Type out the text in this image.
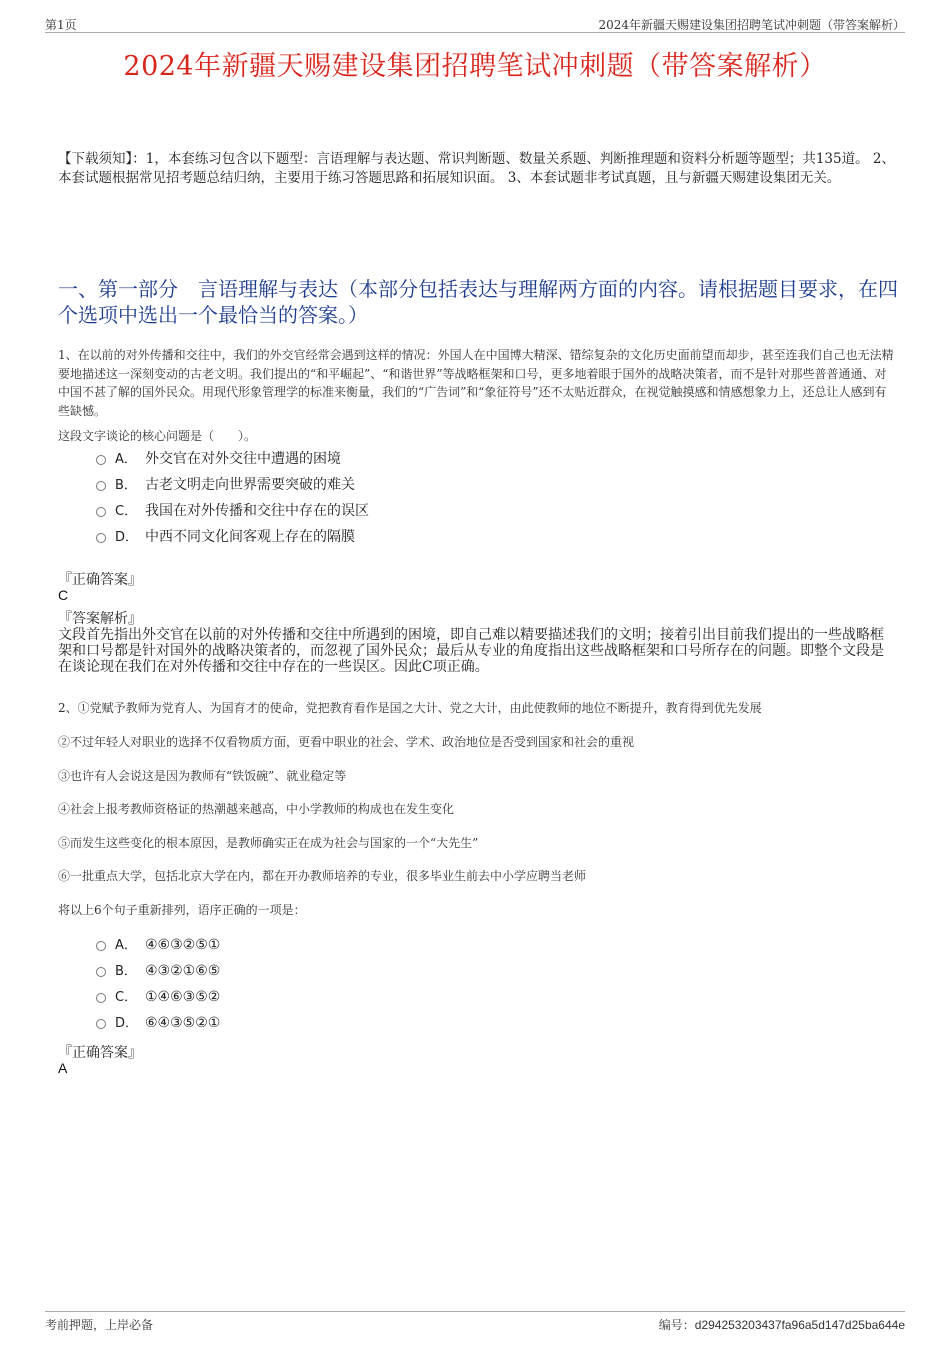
第1页	2024年新疆天赐建设集团招聘笔试冲刺题（带答案解析）
2024年新疆天赐建设集团招聘笔试冲刺题（带答案解析）
【下载须知】：1，本套练习包含以下题型：言语理解与表达题、常识判断题、数量关系题、判断推理题和资料分析题等题型；共135道。 2、本套试题根据常见招考题总结归纳，主要用于练习答题思路和拓展知识面。 3、本套试题非考试真题，且与新疆天赐建设集团无关。
一、第一部分　言语理解与表达（本部分包括表达与理解两方面的内容。请根据题目要求，在四个选项中选出一个最恰当的答案。）
1、在以前的对外传播和交往中，我们的外交官经常会遇到这样的情况：外国人在中国博大精深、错综复杂的文化历史面前望而却步，甚至连我们自己也无法精要地描述这一深刻变动的古老文明。我们提出的“和平崛起”、“和谐世界”等战略框架和口号，更多地着眼于国外的战略决策者，而不是针对那些普普通通、对中国不甚了解的国外民众。用现代形象管理学的标准来衡量，我们的“广告词”和“象征符号”还不太贴近群众，在视觉触摸感和情感想象力上，还总让人感到有些缺憾。
这段文字谈论的核心问题是（　　）。
A． 外交官在对外交往中遭遇的困境
B． 古老文明走向世界需要突破的难关
C． 我国在对外传播和交往中存在的误区
D． 中西不同文化间客观上存在的隔膜
『正确答案』
C
『答案解析』
文段首先指出外交官在以前的对外传播和交往中所遇到的困境，即自己难以精要描述我们的文明；接着引出目前我们提出的一些战略框架和口号都是针对国外的战略决策者的，而忽视了国外民众；最后从专业的角度指出这些战略框架和口号所存在的问题。即整个文段是在谈论现在我们在对外传播和交往中存在的一些误区。因此C项正确。
2、①党赋予教师为党育人、为国育才的使命，党把教育看作是国之大计、党之大计，由此使教师的地位不断提升，教育得到优先发展
②不过年轻人对职业的选择不仅看物质方面，更看中职业的社会、学术、政治地位是否受到国家和社会的重视
③也许有人会说这是因为教师有“铁饭碗”、就业稳定等
④社会上报考教师资格证的热潮越来越高，中小学教师的构成也在发生变化
⑤而发生这些变化的根本原因，是教师确实正在成为社会与国家的一个“大先生”
⑥一批重点大学，包括北京大学在内，都在开办教师培养的专业，很多毕业生前去中小学应聘当老师
将以上6个句子重新排列，语序正确的一项是：
A． ④⑥③②⑤①
B． ④③②①⑥⑤
C． ①④⑥③⑤②
D． ⑥④③⑤②①
『正确答案』
A
考前押题，上岸必备	编号：d294253203437fa96a5d147d25ba644e
